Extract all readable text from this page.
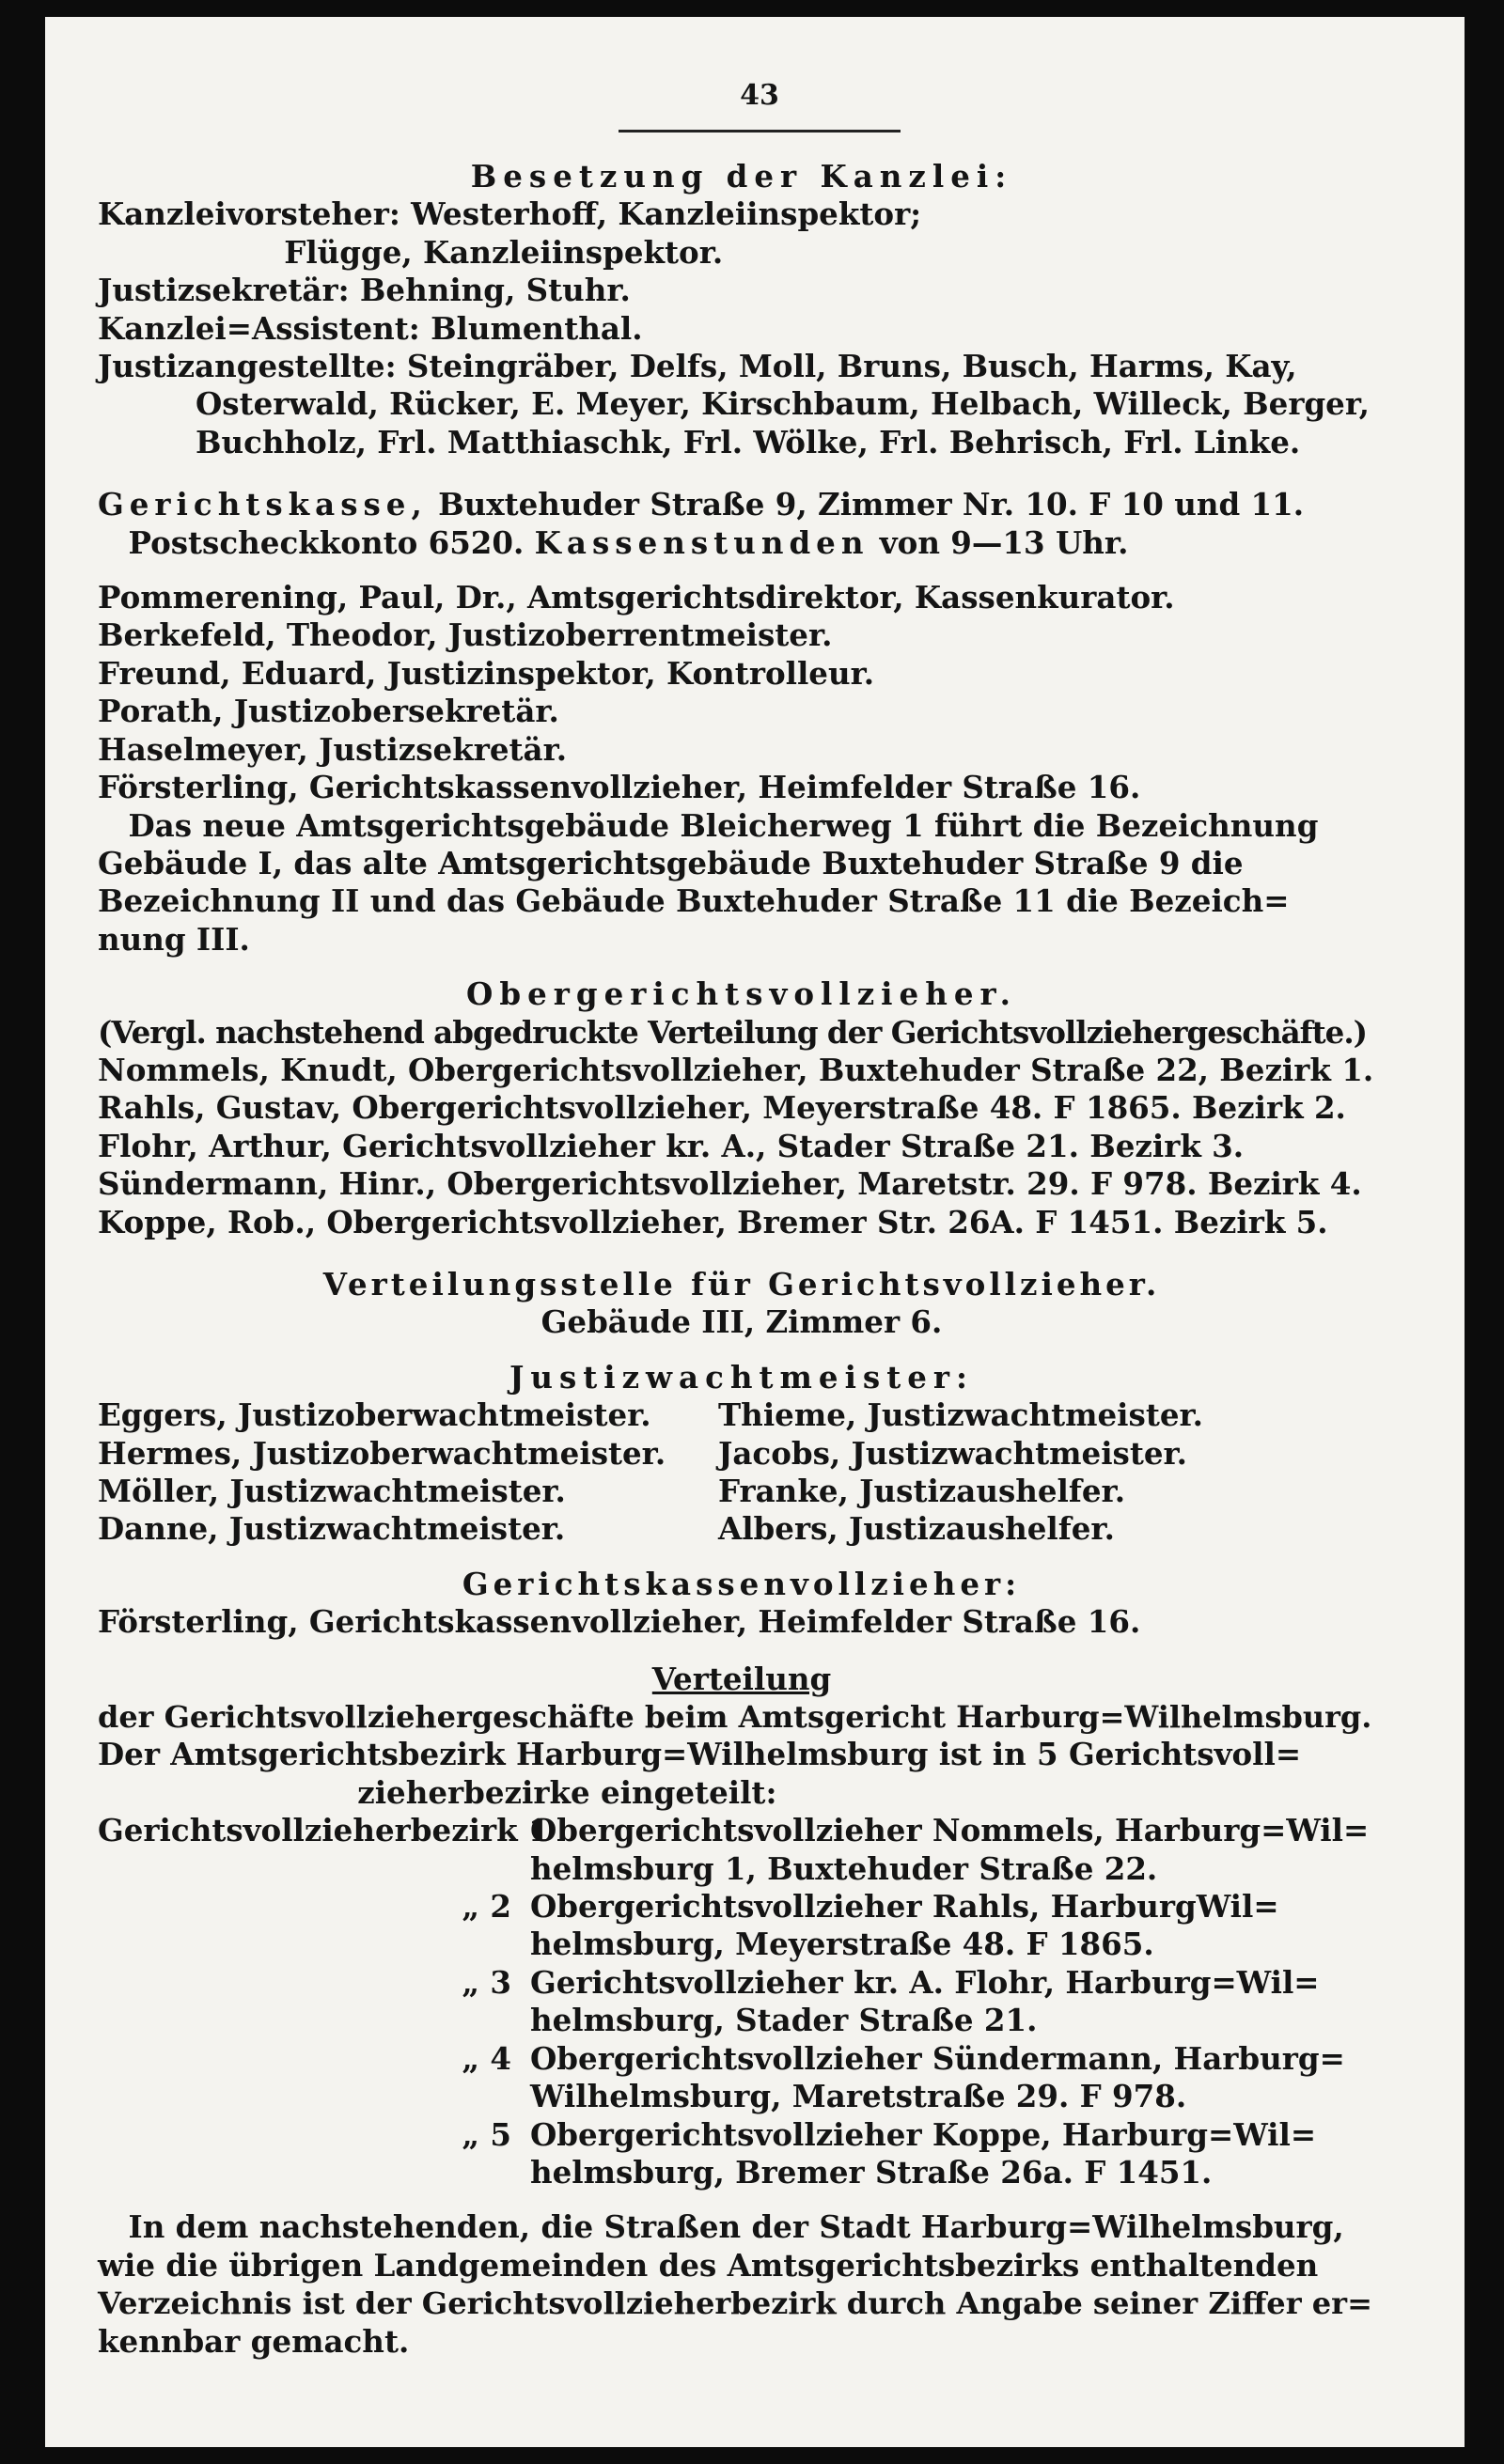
43
Besetzung der Kanzlei:
Kanzleivorsteher: Westerhoff, Kanzleiinspektor;
Flügge, Kanzleiinspektor.
Justizsekretär: Behning, Stuhr.
Kanzlei=Assistent: Blumenthal.
Justizangestellte: Steingräber, Delfs, Moll, Bruns, Busch, Harms, Kay,
Osterwald, Rücker, E. Meyer, Kirschbaum, Helbach, Willeck, Berger,
Buchholz, Frl. Matthiaschk, Frl. Wölke, Frl. Behrisch, Frl. Linke.
Gerichtskasse, Buxtehuder Straße 9, Zimmer Nr. 10. F 10 und 11.
Postscheckkonto 6520. Kassenstunden von 9—13 Uhr.
Pommerening, Paul, Dr., Amtsgerichtsdirektor, Kassenkurator.
Berkefeld, Theodor, Justizoberrentmeister.
Freund, Eduard, Justizinspektor, Kontrolleur.
Porath, Justizobersekretär.
Haselmeyer, Justizsekretär.
Försterling, Gerichtskassenvollzieher, Heimfelder Straße 16.
Das neue Amtsgerichtsgebäude Bleicherweg 1 führt die Bezeichnung
Gebäude I, das alte Amtsgerichtsgebäude Buxtehuder Straße 9 die
Bezeichnung II und das Gebäude Buxtehuder Straße 11 die Bezeich=
nung III.
Obergerichtsvollzieher.
(Vergl. nachstehend abgedruckte Verteilung der Gerichtsvollziehergeschäfte.)
Nommels, Knudt, Obergerichtsvollzieher, Buxtehuder Straße 22, Bezirk 1.
Rahls, Gustav, Obergerichtsvollzieher, Meyerstraße 48. F 1865. Bezirk 2.
Flohr, Arthur, Gerichtsvollzieher kr. A., Stader Straße 21. Bezirk 3.
Sündermann, Hinr., Obergerichtsvollzieher, Maretstr. 29. F 978. Bezirk 4.
Koppe, Rob., Obergerichtsvollzieher, Bremer Str. 26A. F 1451. Bezirk 5.
Verteilungsstelle für Gerichtsvollzieher.
Gebäude III, Zimmer 6.
Justizwachtmeister:
Eggers, Justizoberwachtmeister.
Hermes, Justizoberwachtmeister.
Möller, Justizwachtmeister.
Danne, Justizwachtmeister.
Thieme, Justizwachtmeister.
Jacobs, Justizwachtmeister.
Franke, Justizaushelfer.
Albers, Justizaushelfer.
Gerichtskassenvollzieher:
Försterling, Gerichtskassenvollzieher, Heimfelder Straße 16.
Verteilung
der Gerichtsvollziehergeschäfte beim Amtsgericht Harburg=Wilhelmsburg.
Der Amtsgerichtsbezirk Harburg=Wilhelmsburg ist in 5 Gerichtsvoll=
zieherbezirke eingeteilt:
Gerichtsvollzieherbezirk 1
Obergerichtsvollzieher Nommels, Harburg=Wil=
helmsburg 1, Buxtehuder Straße 22.
„ 2 Obergerichtsvollzieher Rahls, HarburgWil=
helmsburg, Meyerstraße 48. F 1865.
„ 3 Gerichtsvollzieher kr. A. Flohr, Harburg=Wil=
helmsburg, Stader Straße 21.
„ 4 Obergerichtsvollzieher Sündermann, Harburg=
Wilhelmsburg, Maretstraße 29. F 978.
„ 5 Obergerichtsvollzieher Koppe, Harburg=Wil=
helmsburg, Bremer Straße 26a. F 1451.
In dem nachstehenden, die Straßen der Stadt Harburg=Wilhelmsburg,
wie die übrigen Landgemeinden des Amtsgerichtsbezirks enthaltenden
Verzeichnis ist der Gerichtsvollzieherbezirk durch Angabe seiner Ziffer er=
kennbar gemacht.
